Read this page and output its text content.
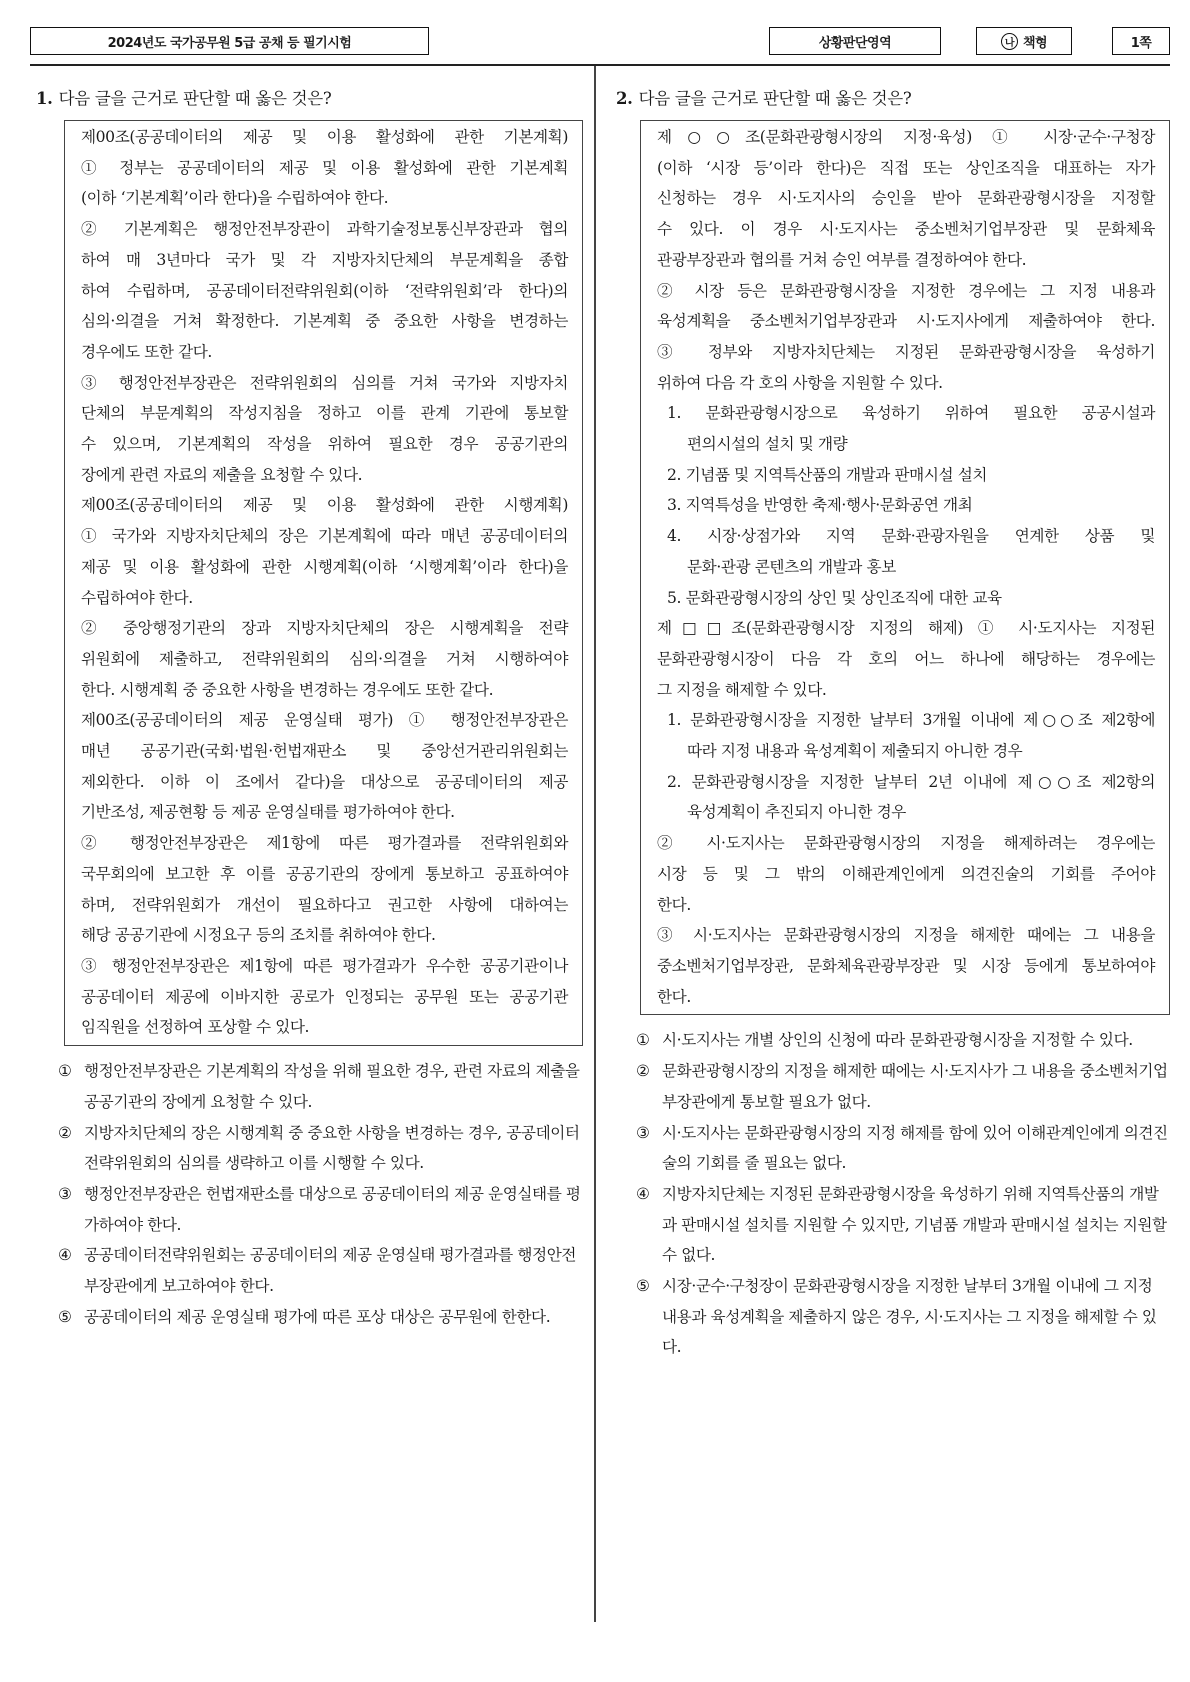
2024년도 국가공무원 5급 공채 등 필기시험	상황판단영역	나 책형	1쪽
1. 다음 글을 근거로 판단할 때 옳은 것은?
제00조(공공데이터의 제공 및 이용 활성화에 관한 기본계획)
① 정부는 공공데이터의 제공 및 이용 활성화에 관한 기본계획
(이하 ‘기본계획’이라 한다)을 수립하여야 한다.
② 기본계획은 행정안전부장관이 과학기술정보통신부장관과 협의
하여 매 3년마다 국가 및 각 지방자치단체의 부문계획을 종합
하여 수립하며, 공공데이터전략위원회(이하 ‘전략위원회’라 한다)의
심의·의결을 거쳐 확정한다. 기본계획 중 중요한 사항을 변경하는
경우에도 또한 같다.
③ 행정안전부장관은 전략위원회의 심의를 거쳐 국가와 지방자치
단체의 부문계획의 작성지침을 정하고 이를 관계 기관에 통보할
수 있으며, 기본계획의 작성을 위하여 필요한 경우 공공기관의
장에게 관련 자료의 제출을 요청할 수 있다.
제00조(공공데이터의 제공 및 이용 활성화에 관한 시행계획)
① 국가와 지방자치단체의 장은 기본계획에 따라 매년 공공데이터의
제공 및 이용 활성화에 관한 시행계획(이하 ‘시행계획’이라 한다)을
수립하여야 한다.
② 중앙행정기관의 장과 지방자치단체의 장은 시행계획을 전략
위원회에 제출하고, 전략위원회의 심의·의결을 거쳐 시행하여야
한다. 시행계획 중 중요한 사항을 변경하는 경우에도 또한 같다.
제00조(공공데이터의 제공 운영실태 평가) ① 행정안전부장관은
매년 공공기관(국회·법원·헌법재판소 및 중앙선거관리위원회는
제외한다. 이하 이 조에서 같다)을 대상으로 공공데이터의 제공
기반조성, 제공현황 등 제공 운영실태를 평가하여야 한다.
② 행정안전부장관은 제1항에 따른 평가결과를 전략위원회와
국무회의에 보고한 후 이를 공공기관의 장에게 통보하고 공표하여야
하며, 전략위원회가 개선이 필요하다고 권고한 사항에 대하여는
해당 공공기관에 시정요구 등의 조치를 취하여야 한다.
③ 행정안전부장관은 제1항에 따른 평가결과가 우수한 공공기관이나
공공데이터 제공에 이바지한 공로가 인정되는 공무원 또는 공공기관
임직원을 선정하여 포상할 수 있다.
① 행정안전부장관은 기본계획의 작성을 위해 필요한 경우, 관련 자료의 제출을 공공기관의 장에게 요청할 수 있다.
② 지방자치단체의 장은 시행계획 중 중요한 사항을 변경하는 경우, 공공데이터전략위원회의 심의를 생략하고 이를 시행할 수 있다.
③ 행정안전부장관은 헌법재판소를 대상으로 공공데이터의 제공 운영실태를 평가하여야 한다.
④ 공공데이터전략위원회는 공공데이터의 제공 운영실태 평가결과를 행정안전부장관에게 보고하여야 한다.
⑤ 공공데이터의 제공 운영실태 평가에 따른 포상 대상은 공무원에 한한다.
2. 다음 글을 근거로 판단할 때 옳은 것은?
제○○조(문화관광형시장의 지정·육성) ① 시장·군수·구청장
(이하 ‘시장 등’이라 한다)은 직접 또는 상인조직을 대표하는 자가
신청하는 경우 시·도지사의 승인을 받아 문화관광형시장을 지정할
수 있다. 이 경우 시·도지사는 중소벤처기업부장관 및 문화체육
관광부장관과 협의를 거쳐 승인 여부를 결정하여야 한다.
② 시장 등은 문화관광형시장을 지정한 경우에는 그 지정 내용과
육성계획을 중소벤처기업부장관과 시·도지사에게 제출하여야 한다.
③ 정부와 지방자치단체는 지정된 문화관광형시장을 육성하기
위하여 다음 각 호의 사항을 지원할 수 있다.
1. 문화관광형시장으로 육성하기 위하여 필요한 공공시설과
편의시설의 설치 및 개량
2. 기념품 및 지역특산품의 개발과 판매시설 설치
3. 지역특성을 반영한 축제·행사·문화공연 개최
4. 시장·상점가와 지역 문화·관광자원을 연계한 상품 및
문화·관광 콘텐츠의 개발과 홍보
5. 문화관광형시장의 상인 및 상인조직에 대한 교육
제□□조(문화관광형시장 지정의 해제) ① 시·도지사는 지정된
문화관광형시장이 다음 각 호의 어느 하나에 해당하는 경우에는
그 지정을 해제할 수 있다.
1. 문화관광형시장을 지정한 날부터 3개월 이내에 제○○조 제2항에
따라 지정 내용과 육성계획이 제출되지 아니한 경우
2. 문화관광형시장을 지정한 날부터 2년 이내에 제○○조 제2항의
육성계획이 추진되지 아니한 경우
② 시·도지사는 문화관광형시장의 지정을 해제하려는 경우에는
시장 등 및 그 밖의 이해관계인에게 의견진술의 기회를 주어야
한다.
③ 시·도지사는 문화관광형시장의 지정을 해제한 때에는 그 내용을
중소벤처기업부장관, 문화체육관광부장관 및 시장 등에게 통보하여야
한다.
① 시·도지사는 개별 상인의 신청에 따라 문화관광형시장을 지정할 수 있다.
② 문화관광형시장의 지정을 해제한 때에는 시·도지사가 그 내용을 중소벤처기업부장관에게 통보할 필요가 없다.
③ 시·도지사는 문화관광형시장의 지정 해제를 함에 있어 이해관계인에게 의견진술의 기회를 줄 필요는 없다.
④ 지방자치단체는 지정된 문화관광형시장을 육성하기 위해 지역특산품의 개발과 판매시설 설치를 지원할 수 있지만, 기념품 개발과 판매시설 설치는 지원할 수 없다.
⑤ 시장·군수·구청장이 문화관광형시장을 지정한 날부터 3개월 이내에 그 지정 내용과 육성계획을 제출하지 않은 경우, 시·도지사는 그 지정을 해제할 수 있다.
